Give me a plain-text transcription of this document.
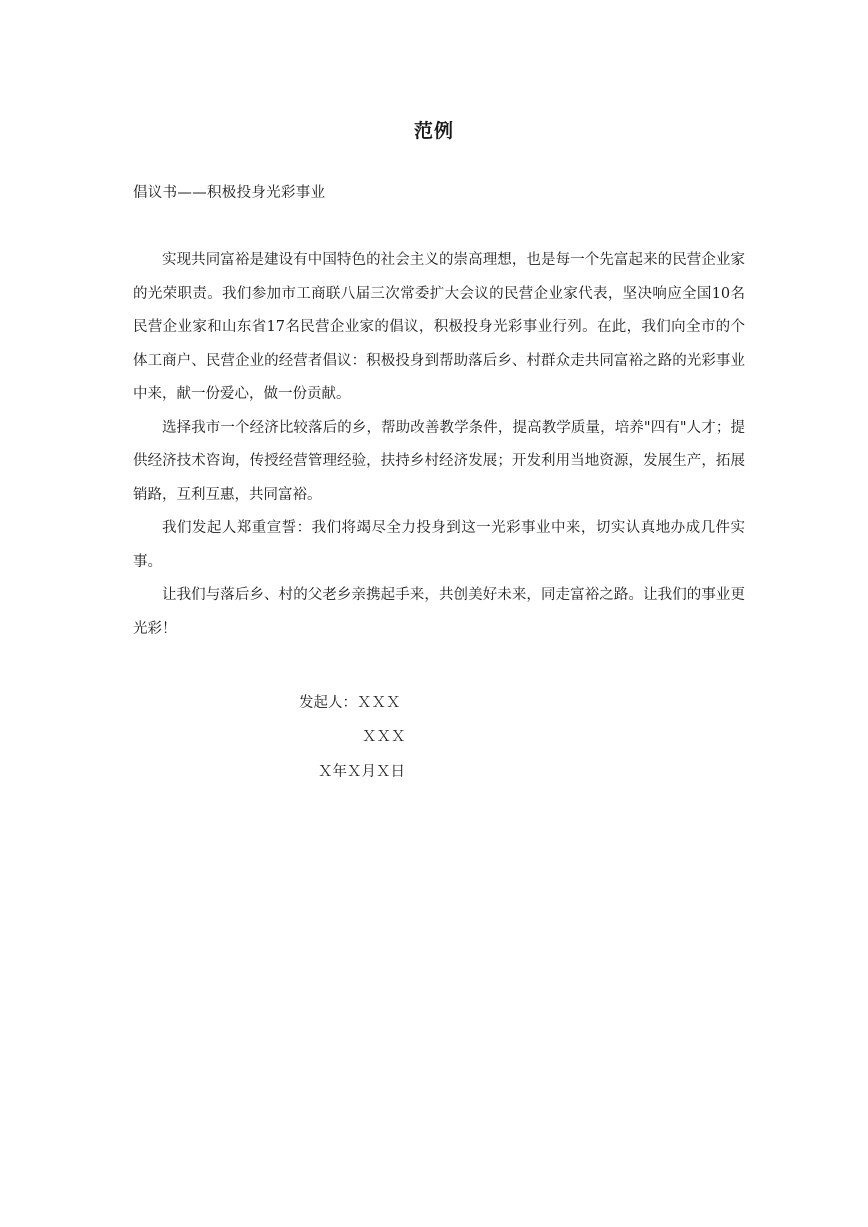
范例
倡议书——积极投身光彩事业

实现共同富裕是建设有中国特色的社会主义的崇高理想，也是每一个先富起来的民营企业家的光荣职责。我们参加市工商联八届三次常委扩大会议的民营企业家代表，坚决响应全国10名民营企业家和山东省17名民营企业家的倡议，积极投身光彩事业行列。在此，我们向全市的个体工商户、民营企业的经营者倡议：积极投身到帮助落后乡、村群众走共同富裕之路的光彩事业中来，献一份爱心，做一份贡献。

选择我市一个经济比较落后的乡，帮助改善教学条件，提高教学质量，培养"四有"人才；提供经济技术咨询，传授经营管理经验，扶持乡村经济发展；开发利用当地资源，发展生产，拓展销路，互利互惠，共同富裕。

我们发起人郑重宣誓：我们将竭尽全力投身到这一光彩事业中来，切实认真地办成几件实事。

让我们与落后乡、村的父老乡亲携起手来，共创美好未来，同走富裕之路。让我们的事业更光彩！

发起人：ＸＸＸ
ＸＸＸ
Ｘ年Ｘ月Ｘ日
